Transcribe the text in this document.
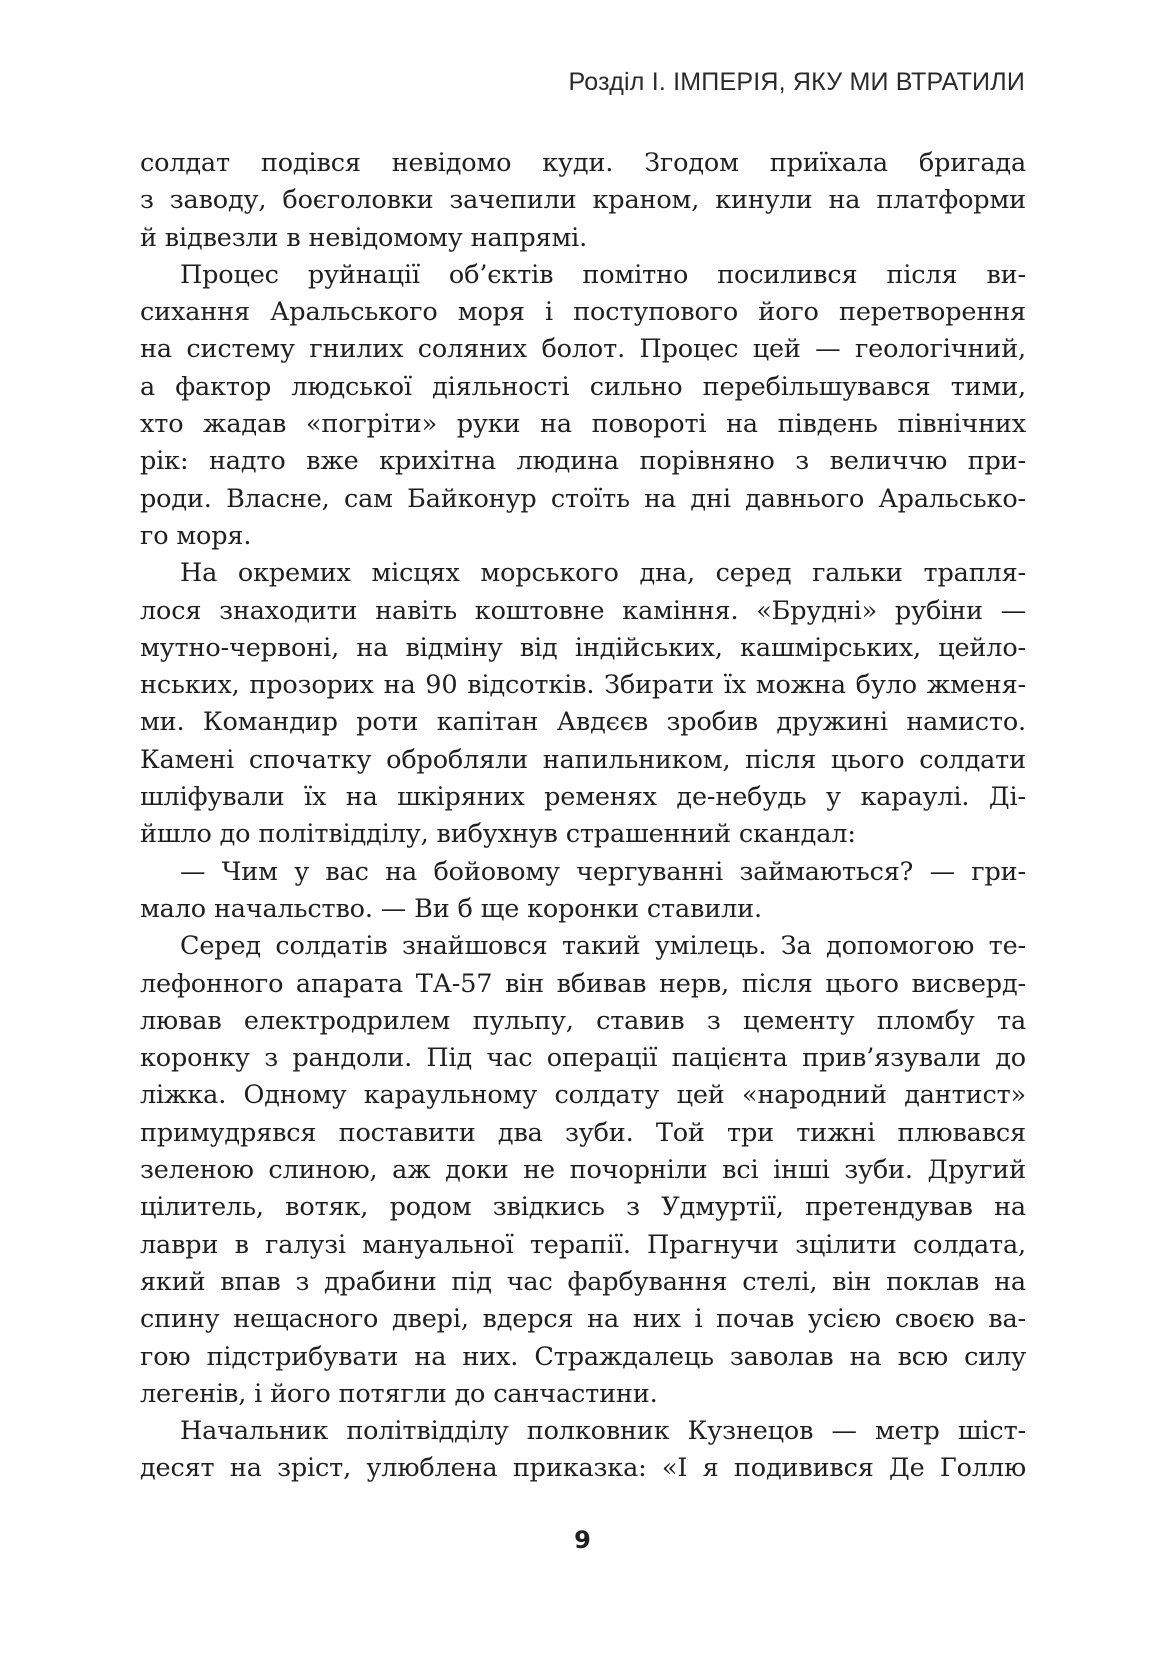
Розділ І. ІМПЕРІЯ, ЯКУ МИ ВТРАТИЛИ
солдат подівся невідомо куди. Згодом приїхала бригада
з заводу, боєголовки зачепили краном, кинули на платформи
й відвезли в невідомому напрямі.
Процес руйнації об’єктів помітно посилився після ви-
сихання Аральського моря і поступового його перетворення
на систему гнилих соляних болот. Процес цей — геологічний,
а фактор людської діяльності сильно перебільшувався тими,
хто жадав «погріти» руки на повороті на південь північних
рік: надто вже крихітна людина порівняно з величчю при-
роди. Власне, сам Байконур стоїть на дні давнього Аральсько-
го моря.
На окремих місцях морського дна, серед гальки трапля-
лося знаходити навіть коштовне каміння. «Брудні» рубіни —
мутно-червоні, на відміну від індійських, кашмірських, цейло-
нських, прозорих на 90 відсотків. Збирати їх можна було жменя-
ми. Командир роти капітан Авдєєв зробив дружині намисто.
Камені спочатку обробляли напильником, після цього солдати
шліфували їх на шкіряних ременях де-небудь у караулі. Ді-
йшло до політвідділу, вибухнув страшенний скандал:
— Чим у вас на бойовому чергуванні займаються? — гри-
мало начальство. — Ви б ще коронки ставили.
Серед солдатів знайшовся такий умілець. За допомогою те-
лефонного апарата ТА-57 він вбивав нерв, після цього висверд-
лював електродрилем пульпу, ставив з цементу пломбу та
коронку з рандоли. Під час операції пацієнта прив’язували до
ліжка. Одному караульному солдату цей «народний дантист»
примудрявся поставити два зуби. Той три тижні плювався
зеленою слиною, аж доки не почорніли всі інші зуби. Другий
цілитель, вотяк, родом звідкись з Удмуртії, претендував на
лаври в галузі мануальної терапії. Прагнучи зцілити солдата,
який впав з драбини під час фарбування стелі, він поклав на
спину нещасного двері, вдерся на них і почав усією своєю ва-
гою підстрибувати на них. Страждалець заволав на всю силу
легенів, і його потягли до санчастини.
Начальник політвідділу полковник Кузнецов — метр шіст-
десят на зріст, улюблена приказка: «І я подивився Де Голлю
9
